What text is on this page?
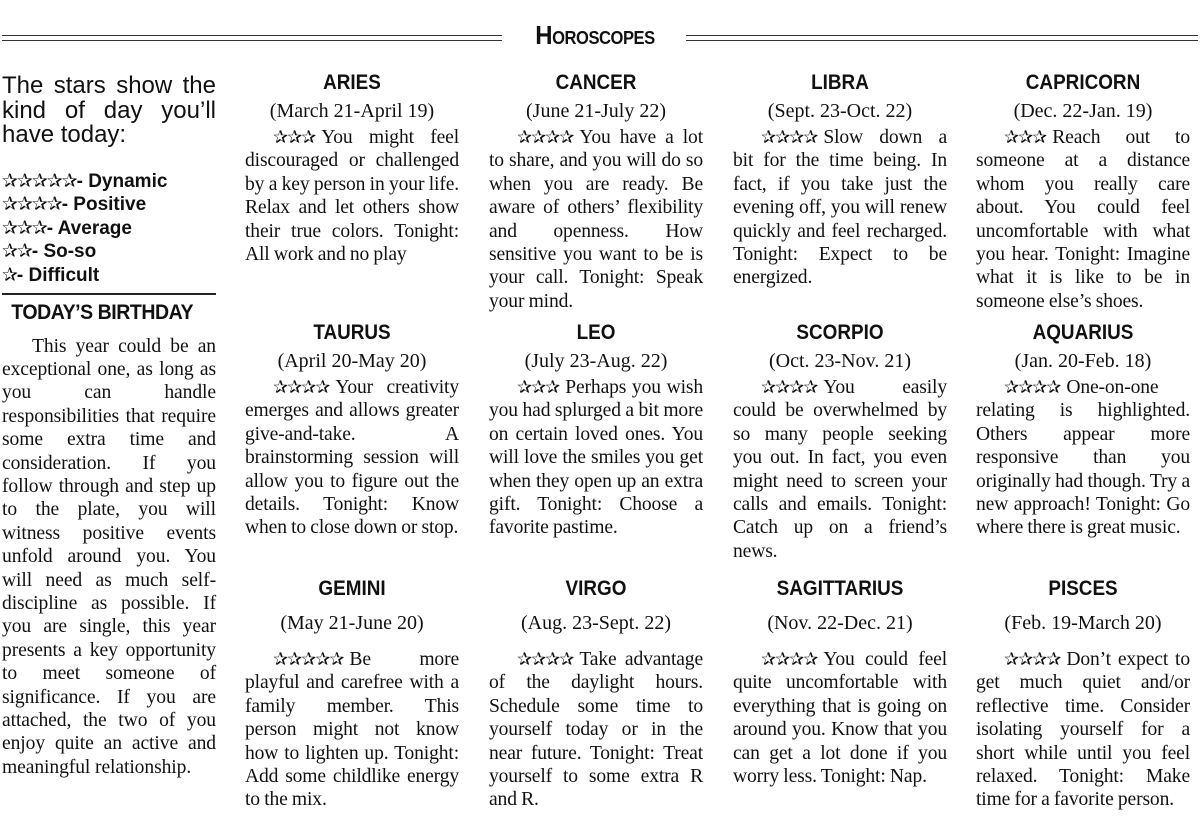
Horoscopes
The stars show the kind of day you’ll have today:
✰✰✰✰✰- Dynamic
✰✰✰✰- Positive
✰✰✰- Average
✰✰- So-so
✰- Difficult
TODAY’S BIRTHDAY
This year could be an exceptional one, as long as you can handle responsibilities that require some extra time and consideration. If you follow through and step up to the plate, you will witness positive events unfold around you. You will need as much self-discipline as possible. If you are single, this year presents a key opportunity to meet someone of significance. If you are attached, the two of you enjoy quite an active and meaningful relationship.
ARIES
(March 21-April 19)
✰✰✰ You might feel discouraged or challenged by a key person in your life. Relax and let others show their true colors. Tonight: All work and no play
TAURUS
(April 20-May 20)
✰✰✰✰ Your creativity emerges and allows greater give-and-take. A brainstorming session will allow you to figure out the details. Tonight: Know when to close down or stop.
GEMINI
(May 21-June 20)
✰✰✰✰✰ Be more playful and carefree with a family member. This person might not know how to lighten up. Tonight: Add some childlike energy to the mix.
CANCER
(June 21-July 22)
✰✰✰✰ You have a lot to share, and you will do so when you are ready. Be aware of others’ flexibility and openness. How sensitive you want to be is your call. Tonight: Speak your mind.
LEO
(July 23-Aug. 22)
✰✰✰ Perhaps you wish you had splurged a bit more on certain loved ones. You will love the smiles you get when they open up an extra gift. Tonight: Choose a favorite pastime.
VIRGO
(Aug. 23-Sept. 22)
✰✰✰✰ Take advantage of the daylight hours. Schedule some time to yourself today or in the near future. Tonight: Treat yourself to some extra R and R.
LIBRA
(Sept. 23-Oct. 22)
✰✰✰✰ Slow down a bit for the time being. In fact, if you take just the evening off, you will renew quickly and feel recharged. Tonight: Expect to be energized.
SCORPIO
(Oct. 23-Nov. 21)
✰✰✰✰ You easily could be overwhelmed by so many people seeking you out. In fact, you even might need to screen your calls and emails. Tonight: Catch up on a friend’s news.
SAGITTARIUS
(Nov. 22-Dec. 21)
✰✰✰✰ You could feel quite uncomfortable with everything that is going on around you. Know that you can get a lot done if you worry less. Tonight: Nap.
CAPRICORN
(Dec. 22-Jan. 19)
✰✰✰ Reach out to someone at a distance whom you really care about. You could feel uncomfortable with what you hear. Tonight: Imagine what it is like to be in someone else’s shoes.
AQUARIUS
(Jan. 20-Feb. 18)
✰✰✰✰ One-on-one relating is highlighted. Others appear more responsive than you originally had though. Try a new approach! Tonight: Go where there is great music.
PISCES
(Feb. 19-March 20)
✰✰✰✰ Don’t expect to get much quiet and/or reflective time. Consider isolating yourself for a short while until you feel relaxed. Tonight: Make time for a favorite person.
